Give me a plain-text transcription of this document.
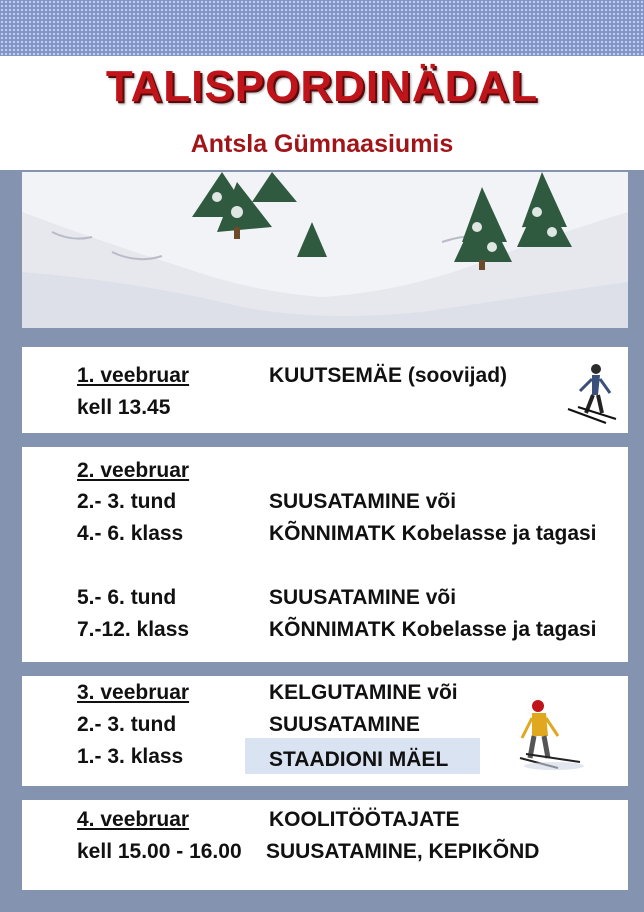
TALISPORDINÄDAL
Antsla Gümnaasiumis
1. veebruar	KUUTSEMÄE (soovijad)
kell 13.45
2. veebruar
2.- 3. tund	SUUSATAMINE või
4.- 6. klass	KÕNNIMATK Kobelasse ja tagasi
5.- 6. tund	SUUSATAMINE või
7.-12. klass	KÕNNIMATK Kobelasse ja tagasi
3. veebruar	KELGUTAMINE või
2.- 3. tund	SUUSATAMINE
1.- 3. klass	STAADIONI MÄEL
4. veebruar	KOOLITÖÖTAJATE
kell 15.00 - 16.00 SUUSATAMINE, KEPIKÕND
